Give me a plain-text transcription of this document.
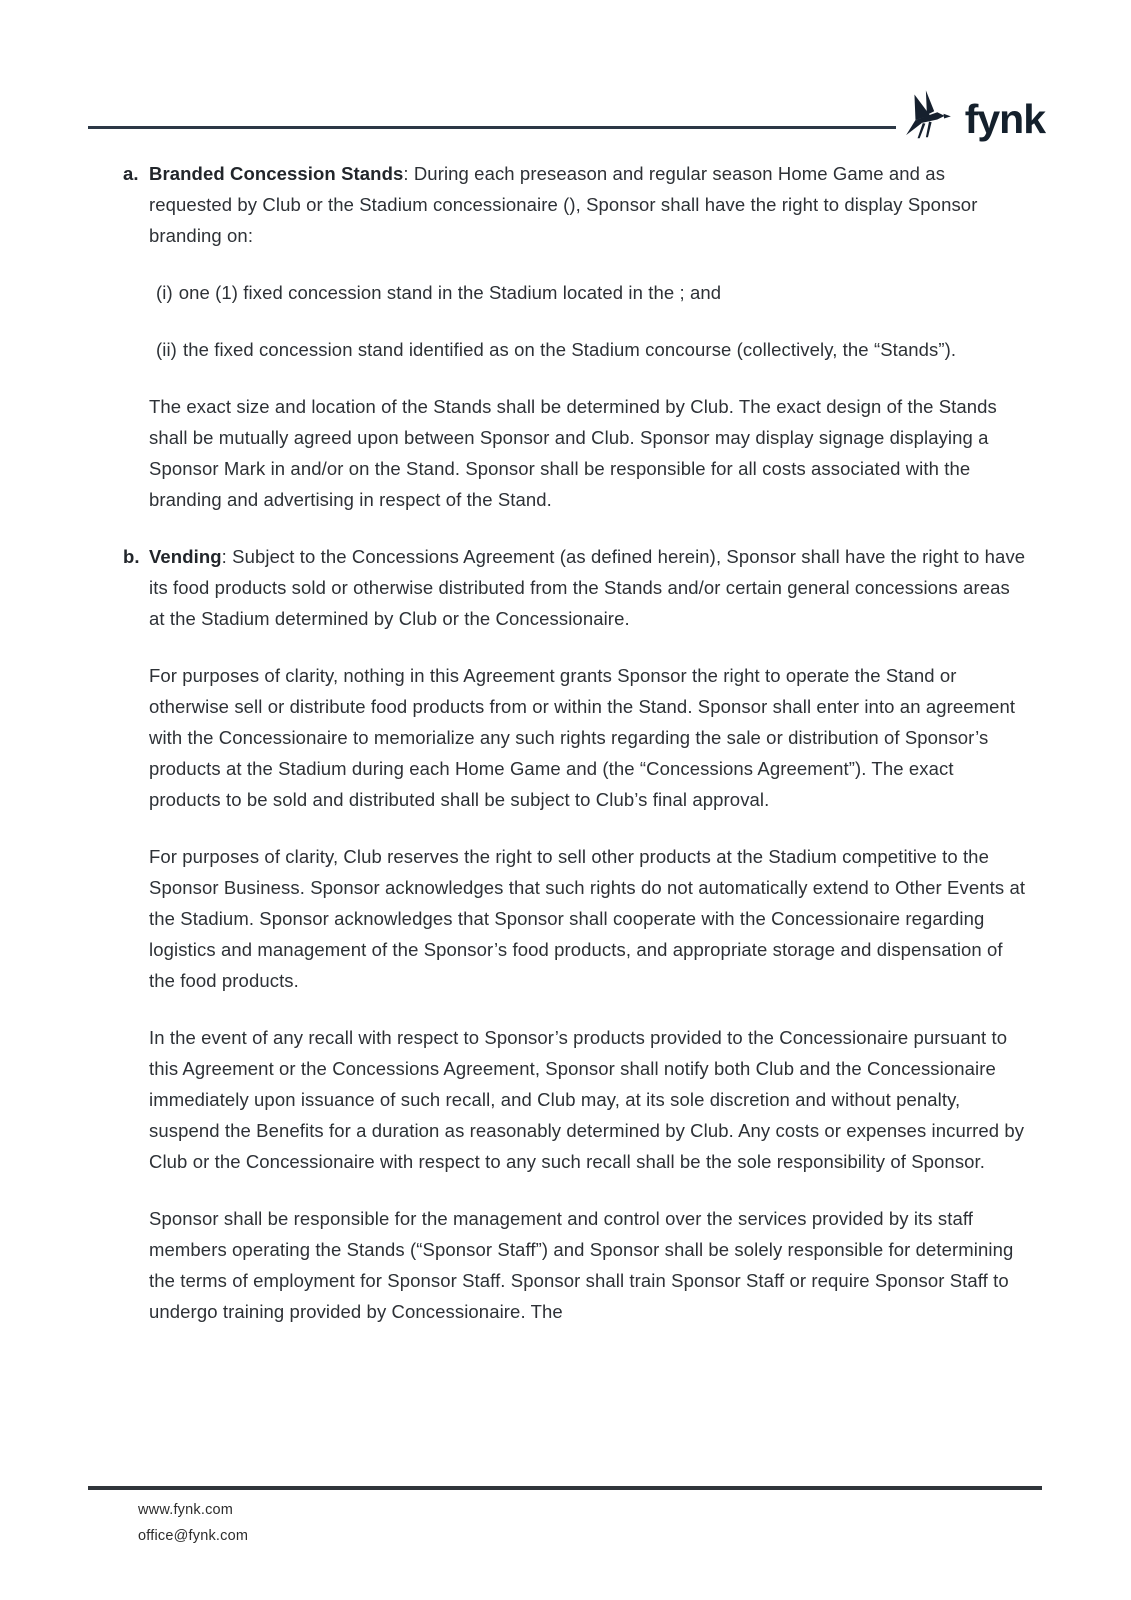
fynk
a. Branded Concession Stands: During each preseason and regular season Home Game and as requested by Club or the Stadium concessionaire (), Sponsor shall have the right to display Sponsor branding on:
(i) one (1) fixed concession stand in the Stadium located in the ; and
(ii) the fixed concession stand identified as on the Stadium concourse (collectively, the “Stands”).

The exact size and location of the Stands shall be determined by Club. The exact design of the Stands shall be mutually agreed upon between Sponsor and Club. Sponsor may display signage displaying a Sponsor Mark in and/or on the Stand. Sponsor shall be responsible for all costs associated with the branding and advertising in respect of the Stand.

b. Vending: Subject to the Concessions Agreement (as defined herein), Sponsor shall have the right to have its food products sold or otherwise distributed from the Stands and/or certain general concessions areas at the Stadium determined by Club or the Concessionaire.

For purposes of clarity, nothing in this Agreement grants Sponsor the right to operate the Stand or otherwise sell or distribute food products from or within the Stand. Sponsor shall enter into an agreement with the Concessionaire to memorialize any such rights regarding the sale or distribution of Sponsor’s products at the Stadium during each Home Game and (the “Concessions Agreement”). The exact products to be sold and distributed shall be subject to Club’s final approval.

For purposes of clarity, Club reserves the right to sell other products at the Stadium competitive to the Sponsor Business. Sponsor acknowledges that such rights do not automatically extend to Other Events at the Stadium. Sponsor acknowledges that Sponsor shall cooperate with the Concessionaire regarding logistics and management of the Sponsor’s food products, and appropriate storage and dispensation of the food products.

In the event of any recall with respect to Sponsor’s products provided to the Concessionaire pursuant to this Agreement or the Concessions Agreement, Sponsor shall notify both Club and the Concessionaire immediately upon issuance of such recall, and Club may, at its sole discretion and without penalty, suspend the Benefits for a duration as reasonably determined by Club. Any costs or expenses incurred by Club or the Concessionaire with respect to any such recall shall be the sole responsibility of Sponsor.

Sponsor shall be responsible for the management and control over the services provided by its staff members operating the Stands (“Sponsor Staff”) and Sponsor shall be solely responsible for determining the terms of employment for Sponsor Staff. Sponsor shall train Sponsor Staff or require Sponsor Staff to undergo training provided by Concessionaire. The

www.fynk.com
office@fynk.com
